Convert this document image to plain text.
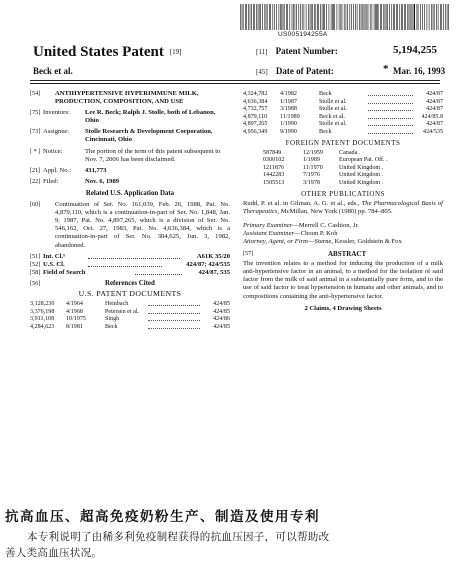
US005194255A
United States Patent [19]
Beck et al.
[11] Patent Number:	5,194,255
[45] Date of Patent:	* Mar. 16, 1993
[54] ANTIHYPERTENSIVE HYPERIMMUNE MILK, PRODUCTION, COMPOSITION, AND USE
[75] Inventors: Lee R. Beck; Ralph J. Stolle, both of Lebanon, Ohio
[73] Assignee: Stolle Research & Development Corporation, Cincinnati, Ohio
[ * ] Notice:	The portion of the term of this patent subsequent to Nov. 7, 2006 has been disclaimed.
[21] Appl. No.: 431,773
[22] Filed:	Nov. 6, 1989
Related U.S. Application Data
[60]	Continuation of Ser. No. 161,039, Feb. 26, 1988, Pat. No. 4,879,110, which is a continuation-in-part of Ser. No. 1,848, Jan. 9, 1987, Pat. No. 4,897,265, which is a division of Ser. No. 546,162, Oct. 27, 1983, Pat. No. 4,636,384, which is a continuation-in-part of Ser. No. 384,625, Jun. 3, 1982, abandoned.

[51] Int. Cl.⁵	A61K 35/20
[52] U.S. Cl.	424/87; 424/535
[58] Field of Search	424/87, 535
[56]	References Cited
U.S. PATENT DOCUMENTS
3,128,230 4/1964	Heinbach	424/85
3,376,198 4/1968	Petersen et al.	424/85
3,911,108 10/1975	Singh	424/86
4,284,623 8/1981	Beck	424/85
4,324,782 4/1982	Beck	424/87
4,636,384 1/1987	Stolle et al.	424/87
4,732,757 3/1988	Stolle et al.	424/87
4,879,110 11/1989	Beck et al.	424/85.8
4,897,265 1/1990	Stolle et al.	424/87
4,956,349 9/1990	Beck	424/535
FOREIGN PATENT DOCUMENTS
587849	12/1959	Canada .
0300102	1/1989	European Pat. Off. .
1211876	11/1970	United Kingdom .
1442283	7/1976	United Kingdom .
1505513	3/1978	United Kingdom .
OTHER PUBLICATIONS

Rudd, P. et al. in Gilman, A. G. et al., eds., The Pharmacological Basis of Therapeutics, McMillan, New York (1980) pp. 784–805.

Primary Examiner—Merrell C. Cashion, Jr.

Assistant Examiner—Choon P. Koh

Attorney, Agent, or Firm—Sterne, Kessler, Goldstein & Fox

[57]	ABSTRACT

The invention relates to a method for inducing the production of a milk anti-hypertensive factor in an animal, to a method for the isolation of said factor from the milk of said animal in a substantially pure form, and to the use of said factor to treat hypertension in humans and other animals, and to compositions containing the anti-hypertensive factor.

2 Claims, 4 Drawing Sheets

抗高血压、超高免疫奶粉生产、制造及使用专利
本专利说明了由稀多利免疫制程获得的抗血压因子，可以帮助改
善人类高血压状况。
